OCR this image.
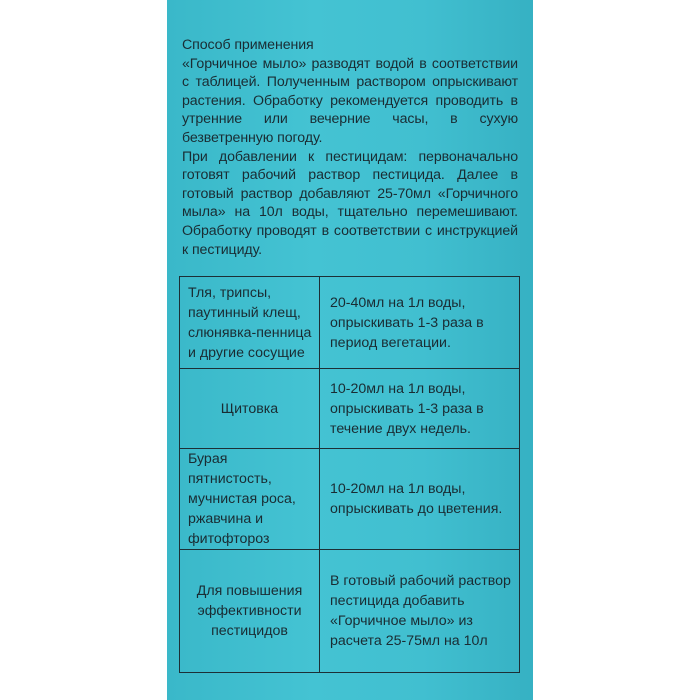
Способ применения

«Горчичное мыло» разводят водой в соответствии с таблицей. Полученным раствором опрыскивают растения. Обработку рекомендуется проводить в утренние или вечерние часы, в сухую безветренную погоду.

При добавлении к пестицидам: первоначально готовят рабочий раствор пестицида. Далее в готовый раствор добавляют 25-70мл «Горчичного мыла» на 10л воды, тщательно перемешивают. Обработку проводят в соответствии с инструкцией к пестициду.

Тля, трипсы, паутинный клещ, слюнявка-пенница и другие сосущие	20-40мл на 1л воды, опрыскивать 1-3 раза в период вегетации.
Щитовка	10-20мл на 1л воды, опрыскивать 1-3 раза в течение двух недель.
Бурая пятнистость, мучнистая роса, ржавчина и фитофтороз	10-20мл на 1л воды, опрыскивать до цветения.
Для повышения эффективности пестицидов	В готовый рабочий раствор пестицида добавить «Горчичное мыло» из расчета 25-75мл на 10л
